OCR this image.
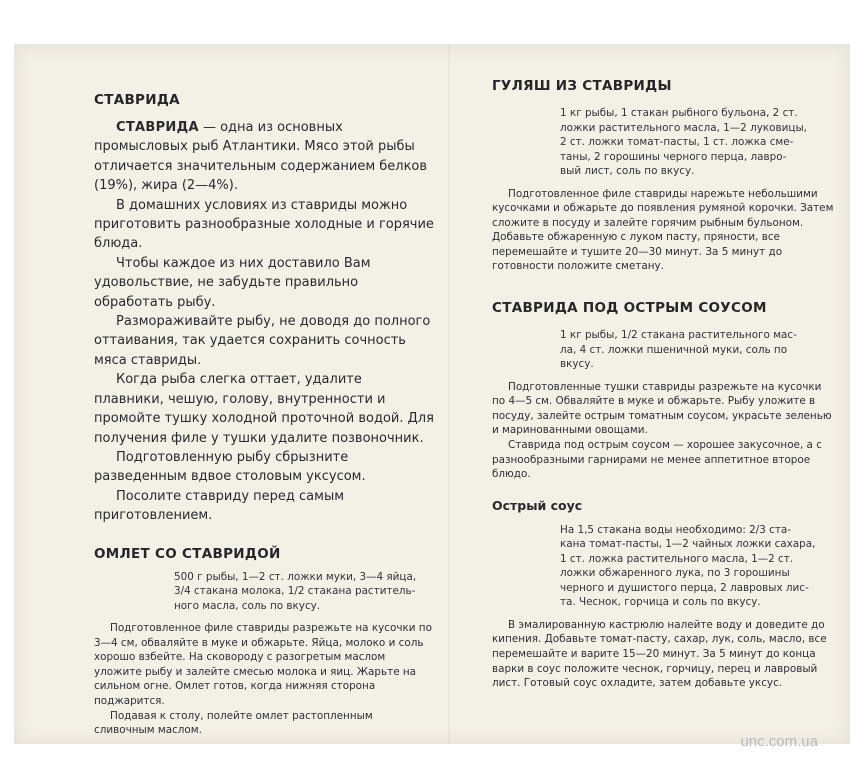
СТАВРИДА

СТАВРИДА — одна из основных промысловых рыб Атлантики. Мясо этой рыбы отличается значительным содержанием белков (19%), жира (2—4%).

В домашних условиях из ставриды можно приготовить разнообразные холодные и горячие блюда.

Чтобы каждое из них доставило Вам удовольствие, не забудьте правильно обработать рыбу.

Размораживайте рыбу, не доводя до полного оттаивания, так удается сохранить сочность мяса ставриды.

Когда рыба слегка оттает, удалите плавники, чешую, голову, внутренности и промойте тушку холодной проточной водой. Для получения филе у тушки удалите позвоночник.

Подготовленную рыбу сбрызните разведенным вдвое столовым уксусом.

Посолите ставриду перед самым приготовлением.

ОМЛЕТ СО СТАВРИДОЙ
500 г рыбы, 1—2 ст. ложки муки, 3—4 яйца,
3/4 стакана молока, 1/2 стакана раститель-
ного масла, соль по вкусу.

Подготовленное филе ставриды разрежьте на кусочки по 3—4 см, обваляйте в муке и обжарьте. Яйца, молоко и соль хорошо взбейте. На сковороду с разогретым маслом уложите рыбу и залейте смесью молока и яиц. Жарьте на сильном огне. Омлет готов, когда нижняя сторона поджарится.

Подавая к столу, полейте омлет растопленным сливочным маслом.

ГУЛЯШ ИЗ СТАВРИДЫ
1 кг рыбы, 1 стакан рыбного бульона, 2 ст.
ложки растительного масла, 1—2 луковицы,
2 ст. ложки томат-пасты, 1 ст. ложка сме-
таны, 2 горошины черного перца, лавро-
вый лист, соль по вкусу.

Подготовленное филе ставриды нарежьте небольшими кусочками и обжарьте до появления румяной корочки. Затем сложите в посуду и залейте горячим рыбным бульоном. Добавьте обжаренную с луком пасту, пряности, все перемешайте и тушите 20—30 минут. За 5 минут до готовности положите сметану.

СТАВРИДА ПОД ОСТРЫМ СОУСОМ
1 кг рыбы, 1/2 стакана растительного мас-
ла, 4 ст. ложки пшеничной муки, соль по
вкусу.

Подготовленные тушки ставриды разрежьте на кусочки по 4—5 см. Обваляйте в муке и обжарьте. Рыбу уложите в посуду, залейте острым томатным соусом, украсьте зеленью и маринованными овощами.

Ставрида под острым соусом — хорошее закусочное, а с разнообразными гарнирами не менее аппетитное второе блюдо.

Острый соус
На 1,5 стакана воды необходимо: 2/3 ста-
кана томат-пасты, 1—2 чайных ложки сахара,
1 ст. ложка растительного масла, 1—2 ст.
ложки обжаренного лука, по 3 горошины
черного и душистого перца, 2 лавровых лис-
та. Чеснок, горчица и соль по вкусу.

В эмалированную кастрюлю налейте воду и доведите до кипения. Добавьте томат-пасту, сахар, лук, соль, масло, все перемешайте и варите 15—20 минут. За 5 минут до конца варки в соус положите чеснок, горчицу, перец и лавровый лист. Готовый соус охладите, затем добавьте уксус.

unc.com.ua
